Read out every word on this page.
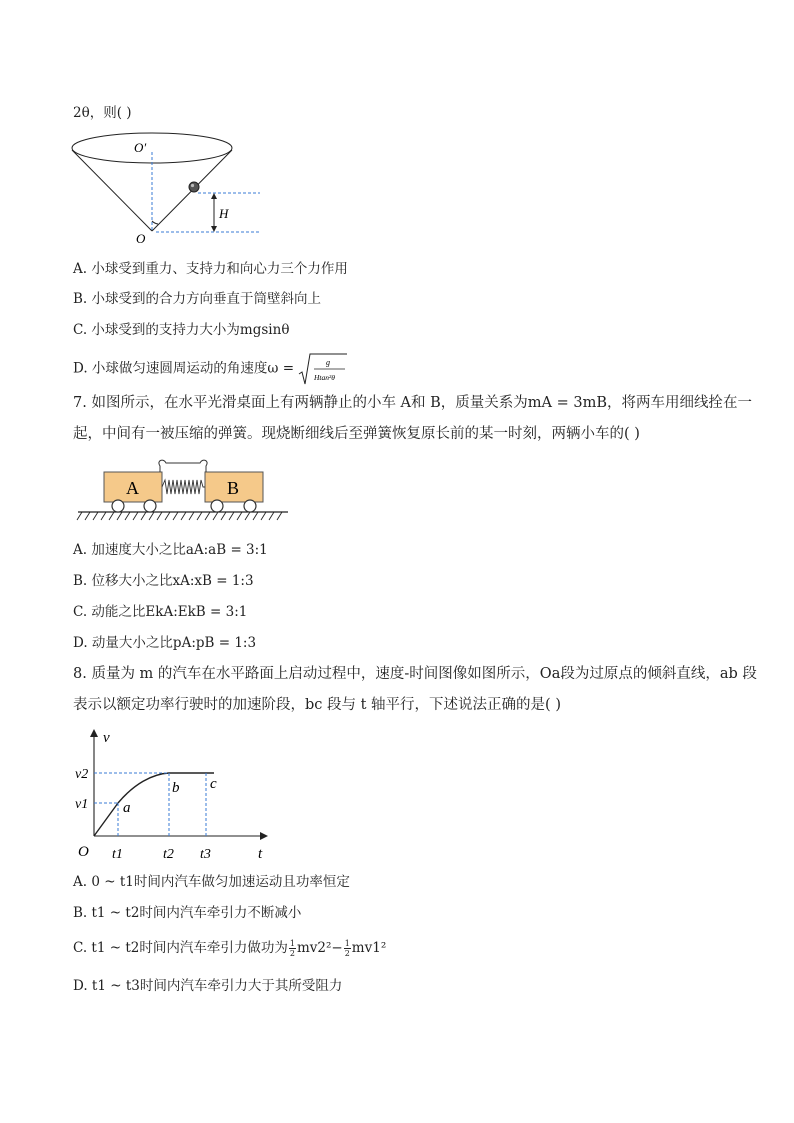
2θ，则( )
O′
O
H
A. 小球受到重力、支持力和向心力三个力作用
B. 小球受到的合力方向垂直于筒壁斜向上
C. 小球受到的支持力大小为mgsinθ
D. 小球做匀速圆周运动的角速度ω =	g
Htan²θ
7. 如图所示，在水平光滑桌面上有两辆静止的小车 A和 B，质量关系为mA = 3mB，将两车用细线拴在一
起，中间有一被压缩的弹簧。现烧断细线后至弹簧恢复原长前的某一时刻，两辆小车的( )
A	B
A. 加速度大小之比aA:aB = 3:1
B. 位移大小之比xA:xB = 1:3
C. 动能之比EkA:EkB = 3:1
D. 动量大小之比pA:pB = 1:3
8. 质量为 m 的汽车在水平路面上启动过程中，速度-时间图像如图所示，Oa段为过原点的倾斜直线，ab 段
表示以额定功率行驶时的加速阶段，bc 段与 t 轴平行，下述说法正确的是( )
v
t
O
v2
v1
t1	t2 t3
a
b c
A. 0 ~ t1时间内汽车做匀加速运动且功率恒定
B. t1 ~ t2时间内汽车牵引力不断减小
C. t1 ~ t2时间内汽车牵引力做功为 $\frac{1}{2} mv2^2- \frac{1}{2} mv1^2$
D. t1 ~ t3时间内汽车牵引力大于其所受阻力
